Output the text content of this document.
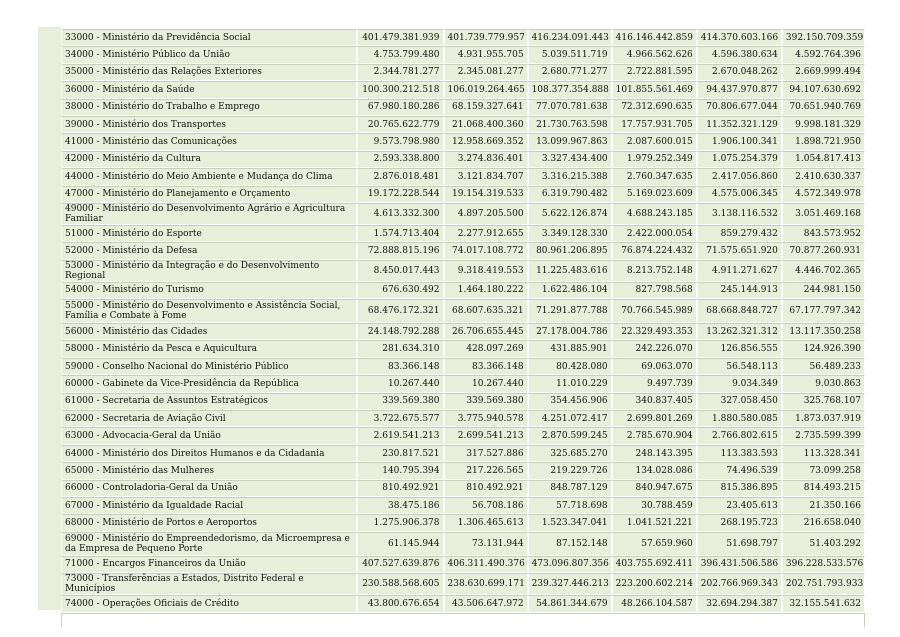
33000 - Ministério da Previdência Social	401.479.381.939	401.739.779.957	416.234.091.443	416.146.442.859	414.370.603.166	392.150.709.359
34000 - Ministério Público da União	4.753.799.480	4.931.955.705	5.039.511.719	4.966.562.626	4.596.380.634	4.592.764.396
35000 - Ministério das Relações Exteriores	2.344.781.277	2.345.081.277	2.680.771.277	2.722.881.595	2.670.048.262	2.669.999.494
36000 - Ministério da Saúde	100.300.212.518	106.019.264.465	108.377.354.888	101.855.561.469	94.437.970.877	94.107.630.692
38000 - Ministério do Trabalho e Emprego	67.980.180.286	68.159.327.641	77.070.781.638	72.312.690.635	70.806.677.044	70.651.940.769
39000 - Ministério dos Transportes	20.765.622.779	21.068.400.360	21.730.763.598	17.757.931.705	11.352.321.129	9.998.181.329
41000 - Ministério das Comunicações	9.573.798.980	12.958.669.352	13.099.967.863	2.087.600.015	1.906.100.341	1.898.721.950
42000 - Ministério da Cultura	2.593.338.800	3.274.836.401	3.327.434.400	1.979.252.349	1.075.254.379	1.054.817.413
44000 - Ministério do Meio Ambiente e Mudança do Clima	2.876.018.481	3.121.834.707	3.316.215.388	2.760.347.635	2.417.056.860	2.410.630.337
47000 - Ministério do Planejamento e Orçamento	19.172.228.544	19.154.319.533	6.319.790.482	5.169.023.609	4.575.006.345	4.572.349.978
49000 - Ministério do Desenvolvimento Agrário e Agricultura Familiar	4.613.332.300	4.897.205.500	5.622.126.874	4.688.243.185	3.138.116.532	3.051.469.168
51000 - Ministério do Esporte	1.574.713.404	2.277.912.655	3.349.128.330	2.422.000.054	859.279.432	843.573.952
52000 - Ministério da Defesa	72.888.815.196	74.017.108.772	80.961.206.895	76.874.224.432	71.575.651.920	70.877.260.931
53000 - Ministério da Integração e do Desenvolvimento Regional	8.450.017.443	9.318.419.553	11.225.483.616	8.213.752.148	4.911.271.627	4.446.702.365
54000 - Ministério do Turismo	676.630.492	1.464.180.222	1.622.486.104	827.798.568	245.144.913	244.981.150
55000 - Ministério do Desenvolvimento e Assistência Social, Família e Combate à Fome	68.476.172.321	68.607.635.321	71.291.877.788	70.766.545.989	68.668.848.727	67.177.797.342
56000 - Ministério das Cidades	24.148.792.288	26.706.655.445	27.178.004.786	22.329.493.353	13.262.321.312	13.117.350.258
58000 - Ministério da Pesca e Aquicultura	281.634.310	428.097.269	431.885.901	242.226.070	126.856.555	124.926.390
59000 - Conselho Nacional do Ministério Público	83.366.148	83.366.148	80.428.080	69.063.070	56.548.113	56.489.233
60000 - Gabinete da Vice-Presidência da República	10.267.440	10.267.440	11.010.229	9.497.739	9.034.349	9.030.863
61000 - Secretaria de Assuntos Estratégicos	339.569.380	339.569.380	354.456.906	340.837.405	327.058.450	325.768.107
62000 - Secretaria de Aviação Civil	3.722.675.577	3.775.940.578	4.251.072.417	2.699.801.269	1.880.580.085	1.873.037.919
63000 - Advocacia-Geral da União	2.619.541.213	2.699.541.213	2.870.599.245	2.785.670.904	2.766.802.615	2.735.599.399
64000 - Ministério dos Direitos Humanos e da Cidadania	230.817.521	317.527.886	325.685.270	248.143.395	113.383.593	113.328.341
65000 - Ministério das Mulheres	140.795.394	217.226.565	219.229.726	134.028.086	74.496.539	73.099.258
66000 - Controladoria-Geral da União	810.492.921	810.492.921	848.787.129	840.947.675	815.386.895	814.493.215
67000 - Ministério da Igualdade Racial	38.475.186	56.708.186	57.718.698	30.788.459	23.405.613	21.350.166
68000 - Ministério de Portos e Aeroportos	1.275.906.378	1.306.465.613	1.523.347.041	1.041.521.221	268.195.723	216.658.040
69000 - Ministério do Empreendedorismo, da Microempresa e da Empresa de Pequeno Porte	61.145.944	73.131.944	87.152.148	57.659.960	51.698.797	51.403.292
71000 - Encargos Financeiros da União	407.527.639.876	406.311.490.376	473.096.807.356	403.755.692.411	396.431.506.586	396.228.533.576
73000 - Transferências a Estados, Distrito Federal e Municípios	230.588.568.605	238.630.699.171	239.327.446.213	223.200.602.214	202.766.969.343	202.751.793.933
74000 - Operações Oficiais de Crédito	43.800.676.654	43.506.647.972	54.861.344.679	48.266.104.587	32.694.294.387	32.155.541.632
